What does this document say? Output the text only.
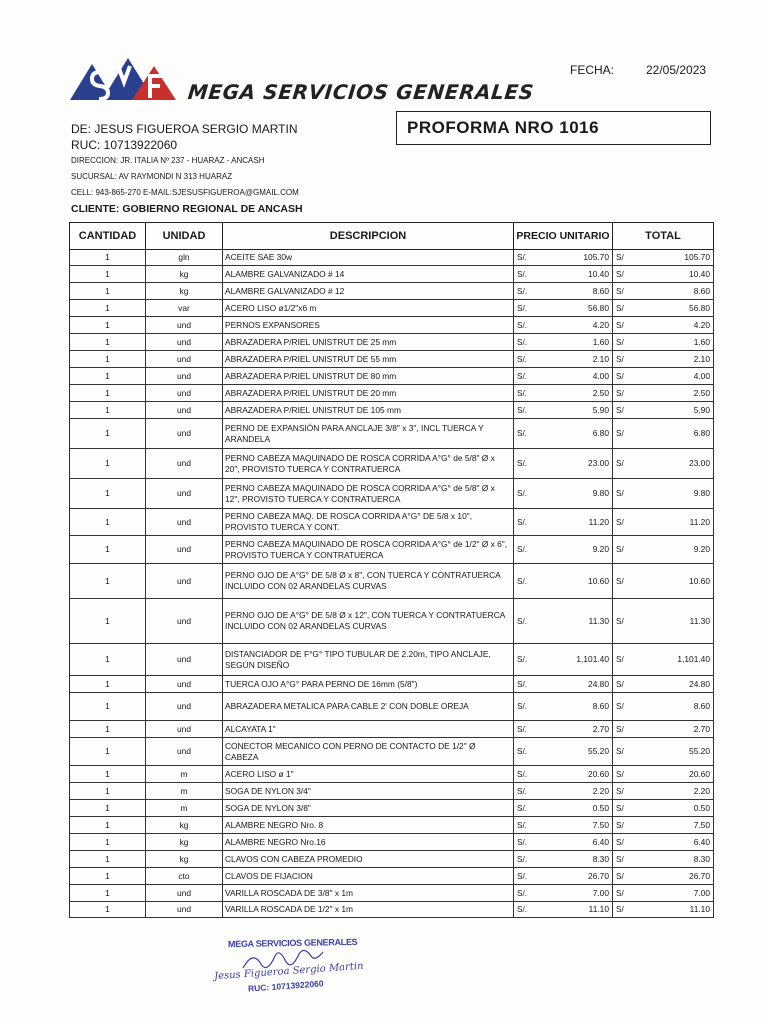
MEGA SERVICIOS GENERALES
FECHA:	22/05/2023
PROFORMA NRO 1016
DE: JESUS FIGUEROA SERGIO MARTIN
RUC: 10713922060
DIRECCION: JR. ITALIA Nº 237 - HUARAZ - ANCASH
SUCURSAL: AV RAYMONDI N 313 HUARAZ
CELL: 943-865-270 E-MAIL:SJESUSFIGUEROA@GMAIL.COM
CLIENTE: GOBIERNO REGIONAL DE ANCASH
CANTIDAD	UNIDAD	DESCRIPCION	PRECIO UNITARIO	TOTAL
1	gln	ACEITE SAE 30w	S/. 105.70	S/ 105.70

1	kg	ALAMBRE GALVANIZADO # 14	S/. 10.40	S/ 10.40

1	kg	ALAMBRE GALVANIZADO # 12	S/. 8.60	S/ 8.60

1	var	ACERO LISO ø1/2"x6 m	S/. 56.80	S/ 56.80

1	und	PERNOS EXPANSORES	S/. 4.20	S/ 4.20

1	und	ABRAZADERA P/RIEL UNISTRUT DE 25 mm	S/. 1.60	S/ 1.60

1	und	ABRAZADERA P/RIEL UNISTRUT DE 55 mm	S/. 2.10	S/ 2.10

1	und	ABRAZADERA P/RIEL UNISTRUT DE 80 mm	S/. 4.00	S/ 4.00

1	und	ABRAZADERA P/RIEL UNISTRUT DE 20 mm	S/. 2.50	S/ 2.50

1	und	ABRAZADERA P/RIEL UNISTRUT DE 105 mm	S/. 5.90	S/ 5.90

1	und	PERNO DE EXPANSIÓN PARA ANCLAJE 3/8" x 3", INCL TUERCA Y ARANDELA	S/. 6.80	S/ 6.80

1	und	PERNO CABEZA MAQUINADO DE ROSCA CORRIDA A°G° de 5/8" Ø x 20", PROVISTO TUERCA Y CONTRATUERCA	S/. 23.00	S/ 23.00

1	und	PERNO CABEZA MAQUINADO DE ROSCA CORRIDA A°G° de 5/8" Ø x 12", PROVISTO TUERCA Y CONTRATUERCA	S/. 9.80	S/ 9.80

1	und	PERNO CABEZA MAQ. DE ROSCA CORRIDA A°G° DE 5/8 x 10", PROVISTO TUERCA Y CONT.	S/. 11.20	S/ 11.20

1	und	PERNO CABEZA MAQUINADO DE ROSCA CORRIDA A°G° de 1/2" Ø x 6", PROVISTO TUERCA Y CONTRATUERCA	S/. 9.20	S/ 9.20

1	und	PERNO OJO DE A°G° DE 5/8 Ø x 8", CON TUERCA Y CONTRATUERCA INCLUIDO CON 02 ARANDELAS CURVAS	S/. 10.60	S/ 10.60

1	und	PERNO OJO DE A°G° DE 5/8 Ø x 12", CON TUERCA Y CONTRATUERCA INCLUIDO CON 02 ARANDELAS CURVAS	S/. 11.30	S/ 11.30

1	und	DISTANCIADOR DE F°G° TIPO TUBULAR DE 2.20m, TIPO ANCLAJE, SEGÚN DISEÑO	S/. 1,101.40	S/ 1,101.40

1	und	TUERCA OJO A°G° PARA PERNO DE 16mm (5/8")	S/. 24.80	S/ 24.80

1	und	ABRAZADERA METALICA PARA CABLE 2' CON DOBLE OREJA	S/. 8.60	S/ 8.60

1	und	ALCAYATA 1"	S/. 2.70	S/ 2.70

1	und	CONECTOR MECANICO CON PERNO DE CONTACTO DE 1/2" Ø CABEZA	S/. 55.20	S/ 55.20

1	m	ACERO LISO ø 1"	S/. 20.60	S/ 20.60

1	m	SOGA DE NYLON 3/4"	S/. 2.20	S/ 2.20

1	m	SOGA DE NYLON 3/8"	S/. 0.50	S/ 0.50

1	kg	ALAMBRE NEGRO Nro. 8	S/. 7.50	S/ 7.50

1	kg	ALAMBRE NEGRO Nro.16	S/. 6.40	S/ 6.40

1	kg	CLAVOS CON CABEZA PROMEDIO	S/. 8.30	S/ 8.30

1	cto	CLAVOS DE FIJACION	S/. 26.70	S/ 26.70

1	und	VARILLA ROSCADA DE 3/8" x 1m	S/. 7.00	S/ 7.00

1	und	VARILLA ROSCADA DE 1/2" x 1m	S/. 11.10	S/ 11.10
MEGA SERVICIOS GENERALES
Jesus Figueroa Sergio Martin
RUC: 10713922060
